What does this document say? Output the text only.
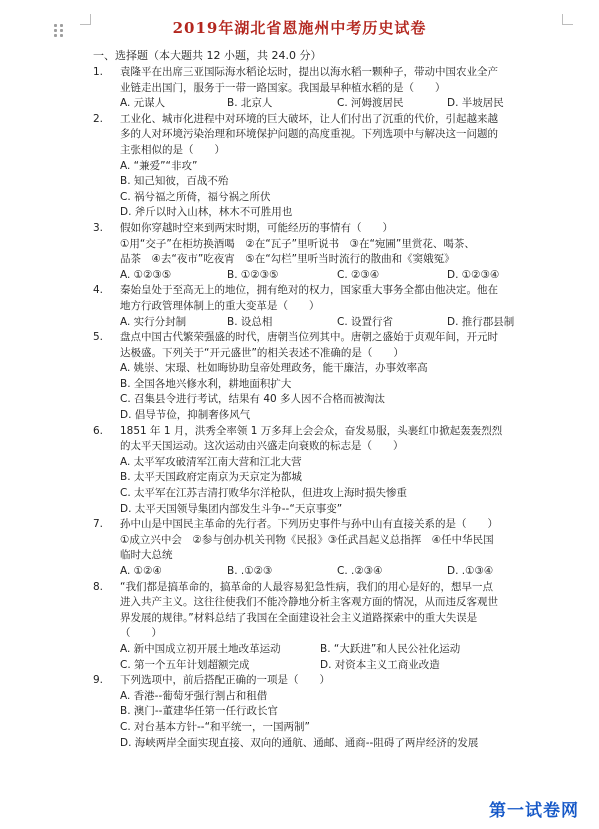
2019年湖北省恩施州中考历史试卷
一、选择题（本大题共 12 小题，共 24.0 分）
1. 袁隆平在出席三亚国际海水稻论坛时，提出以海水稻一颗种子，带动中国农业全产
业链走出国门，服务于一带一路国家。我国最早种植水稻的是（　　）
A. 元谋人	B. 北京人	C. 河姆渡居民	D. 半坡居民
2. 工业化、城市化进程中对环境的巨大破坏，让人们付出了沉重的代价，引起越来越
多的人对环境污染治理和环境保护问题的高度重视。下列选项中与解决这一问题的
主张相似的是（　　）
A. “兼爱”“非攻”
B. 知己知彼，百战不殆
C. 祸兮福之所倚，福兮祸之所伏
D. 斧斤以时入山林，林木不可胜用也
3. 假如你穿越时空来到两宋时期，可能经历的事情有（　　）
①用“交子”在柜坊换酒喝　②在“瓦子”里听说书　③在“宛圃”里赏花、喝茶、
品茶　④去“夜市”吃夜宵　⑤在“勾栏”里听当时流行的散曲和《窦娥冤》
A. ①②③⑤	B. ①②③⑤	C. ②③④	D. ①②③④
4. 秦始皇处于至高无上的地位，拥有绝对的权力，国家重大事务全都由他决定。他在
地方行政管理体制上的重大变革是（　　）
A. 实行分封制	B. 设总相	C. 设置行省	D. 推行郡县制
5. 盘点中国古代繁荣强盛的时代，唐朝当位列其中。唐朝之盛始于贞观年间，开元时
达极盛。下列关于“开元盛世”的相关表述不准确的是（　　）
A. 姚崇、宋璟、杜如晦协助皇帝处理政务，能干廉洁，办事效率高
B. 全国各地兴修水利，耕地面积扩大
C. 召集县令进行考试，结果有 40 多人因不合格而被淘汰
D. 倡导节俭，抑制奢侈风气
6. 1851 年 1 月，洪秀全率领 1 万多拜上会会众，奋发易服，头裹红巾掀起轰轰烈烈
的太平天国运动。这次运动由兴盛走向衰败的标志是（　　）
A. 太平军攻破清军江南大营和江北大营
B. 太平天国政府定南京为天京定为都城
C. 太平军在江苏吉清打败华尔洋枪队，但进攻上海时损失惨重
D. 太平天国领导集团内部发生斗争--“天京事变”
7. 孙中山是中国民主革命的先行者。下列历史事件与孙中山有直接关系的是（　　）
①成立兴中会　②参与创办机关刊物《民报》③任武昌起义总指挥　④任中华民国
临时大总统
A. ①②④	B. .①②③	C. .②③④	D. .①③④
8. “我们都是搞革命的，搞革命的人最容易犯急性病，我们的用心是好的，想早一点
进入共产主义。这往往使我们不能冷静地分析主客观方面的情况，从而违反客观世
界发展的规律。”材料总结了我国在全面建设社会主义道路探索中的重大失误是
（　　）
A. 新中国成立初开展土地改革运动	B. “大跃进”和人民公社化运动
C. 第一个五年计划超额完成	D. 对资本主义工商业改造
9. 下列选项中，前后搭配正确的一项是（　　）
A. 香港--葡萄牙强行割占和租借
B. 澳门--董建华任第一任行政长官
C. 对台基本方针--“和平统一，一国两制”
D. 海峡两岸全面实现直接、双向的通航、通邮、通商--阻碍了两岸经济的发展
第一试卷网
